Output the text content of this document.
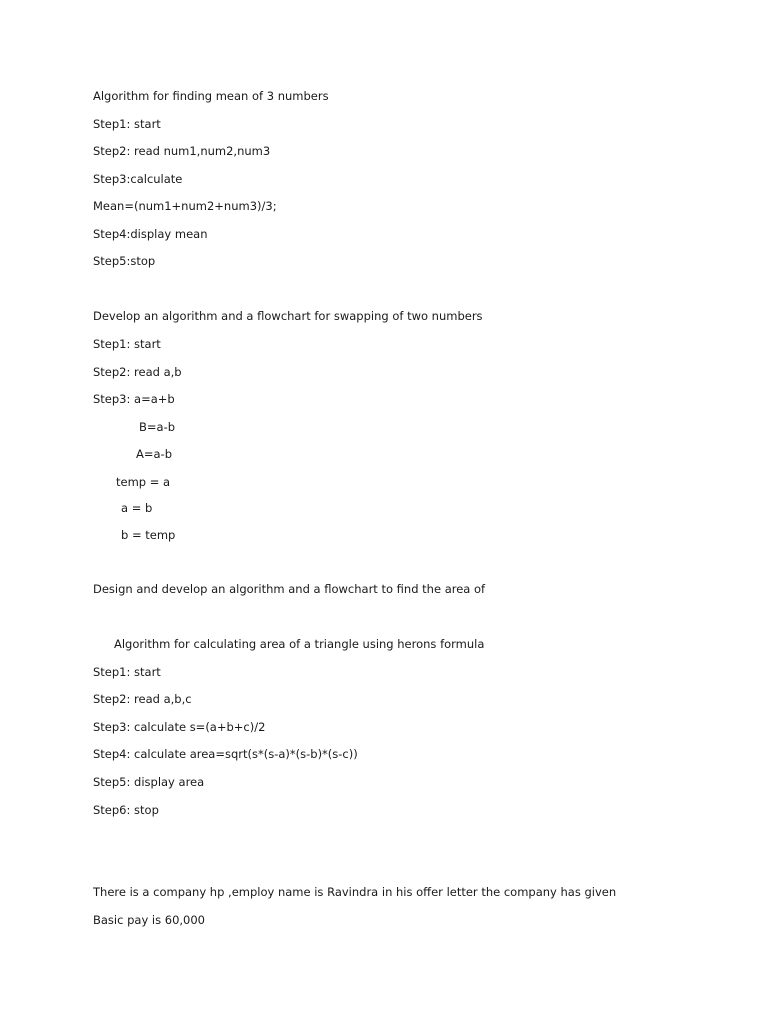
Algorithm for finding mean of 3 numbers
Step1: start
Step2: read num1,num2,num3
Step3:calculate
Mean=(num1+num2+num3)/3;
Step4:display mean
Step5:stop
Develop an algorithm and a flowchart for swapping of two numbers
Step1: start
Step2: read a,b
Step3: a=a+b
B=a-b
A=a-b
temp = a
a = b
b = temp
Design and develop an algorithm and a flowchart to find the area of
Algorithm for calculating area of a triangle using herons formula
Step1: start
Step2: read a,b,c
Step3: calculate s=(a+b+c)/2
Step4: calculate area=sqrt(s*(s-a)*(s-b)*(s-c))
Step5: display area
Step6: stop
There is a company hp ,employ name is Ravindra in his offer letter the company has given
Basic pay is 60,000
